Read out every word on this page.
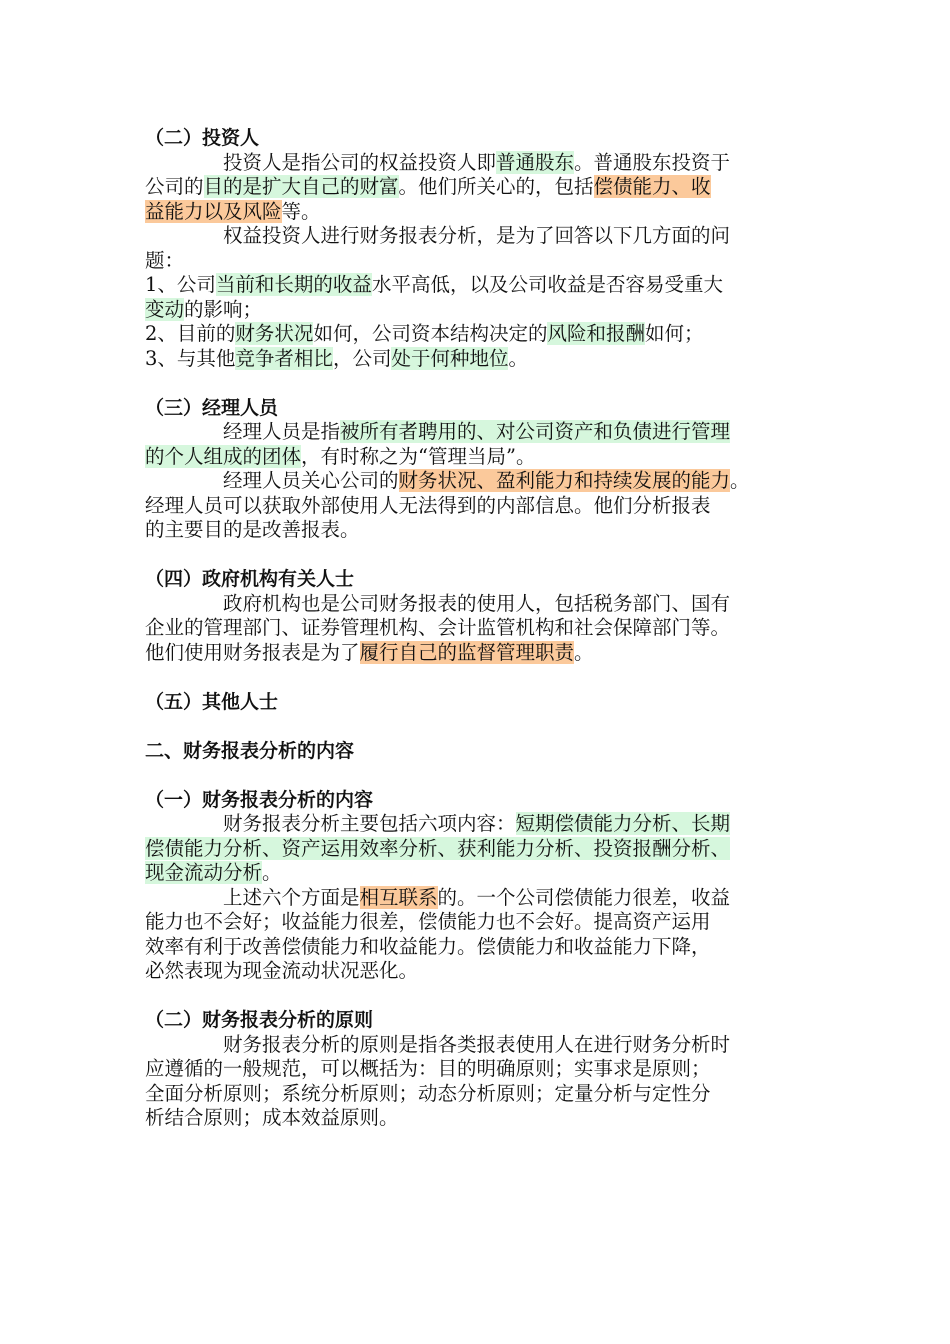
（二）投资人
投资人是指公司的权益投资人即普通股东。普通股东投资于
公司的目的是扩大自己的财富。他们所关心的，包括偿债能力、收
益能力以及风险等。
权益投资人进行财务报表分析，是为了回答以下几方面的问
题：
1、公司当前和长期的收益水平高低，以及公司收益是否容易受重大
变动的影响；
2、目前的财务状况如何，公司资本结构决定的风险和报酬如何；
3、与其他竞争者相比，公司处于何种地位。
（三）经理人员
经理人员是指被所有者聘用的、对公司资产和负债进行管理
的个人组成的团体，有时称之为“管理当局”。
经理人员关心公司的财务状况、盈利能力和持续发展的能力。
经理人员可以获取外部使用人无法得到的内部信息。他们分析报表
的主要目的是改善报表。
（四）政府机构有关人士
政府机构也是公司财务报表的使用人，包括税务部门、国有
企业的管理部门、证券管理机构、会计监管机构和社会保障部门等。
他们使用财务报表是为了履行自己的监督管理职责。
（五）其他人士
二、财务报表分析的内容
（一）财务报表分析的内容
财务报表分析主要包括六项内容：短期偿债能力分析、长期
偿债能力分析、资产运用效率分析、获利能力分析、投资报酬分析、
现金流动分析。
上述六个方面是相互联系的。一个公司偿债能力很差，收益
能力也不会好；收益能力很差，偿债能力也不会好。提高资产运用
效率有利于改善偿债能力和收益能力。偿债能力和收益能力下降，
必然表现为现金流动状况恶化。
（二）财务报表分析的原则
财务报表分析的原则是指各类报表使用人在进行财务分析时
应遵循的一般规范，可以概括为：目的明确原则；实事求是原则；
全面分析原则；系统分析原则；动态分析原则；定量分析与定性分
析结合原则；成本效益原则。
